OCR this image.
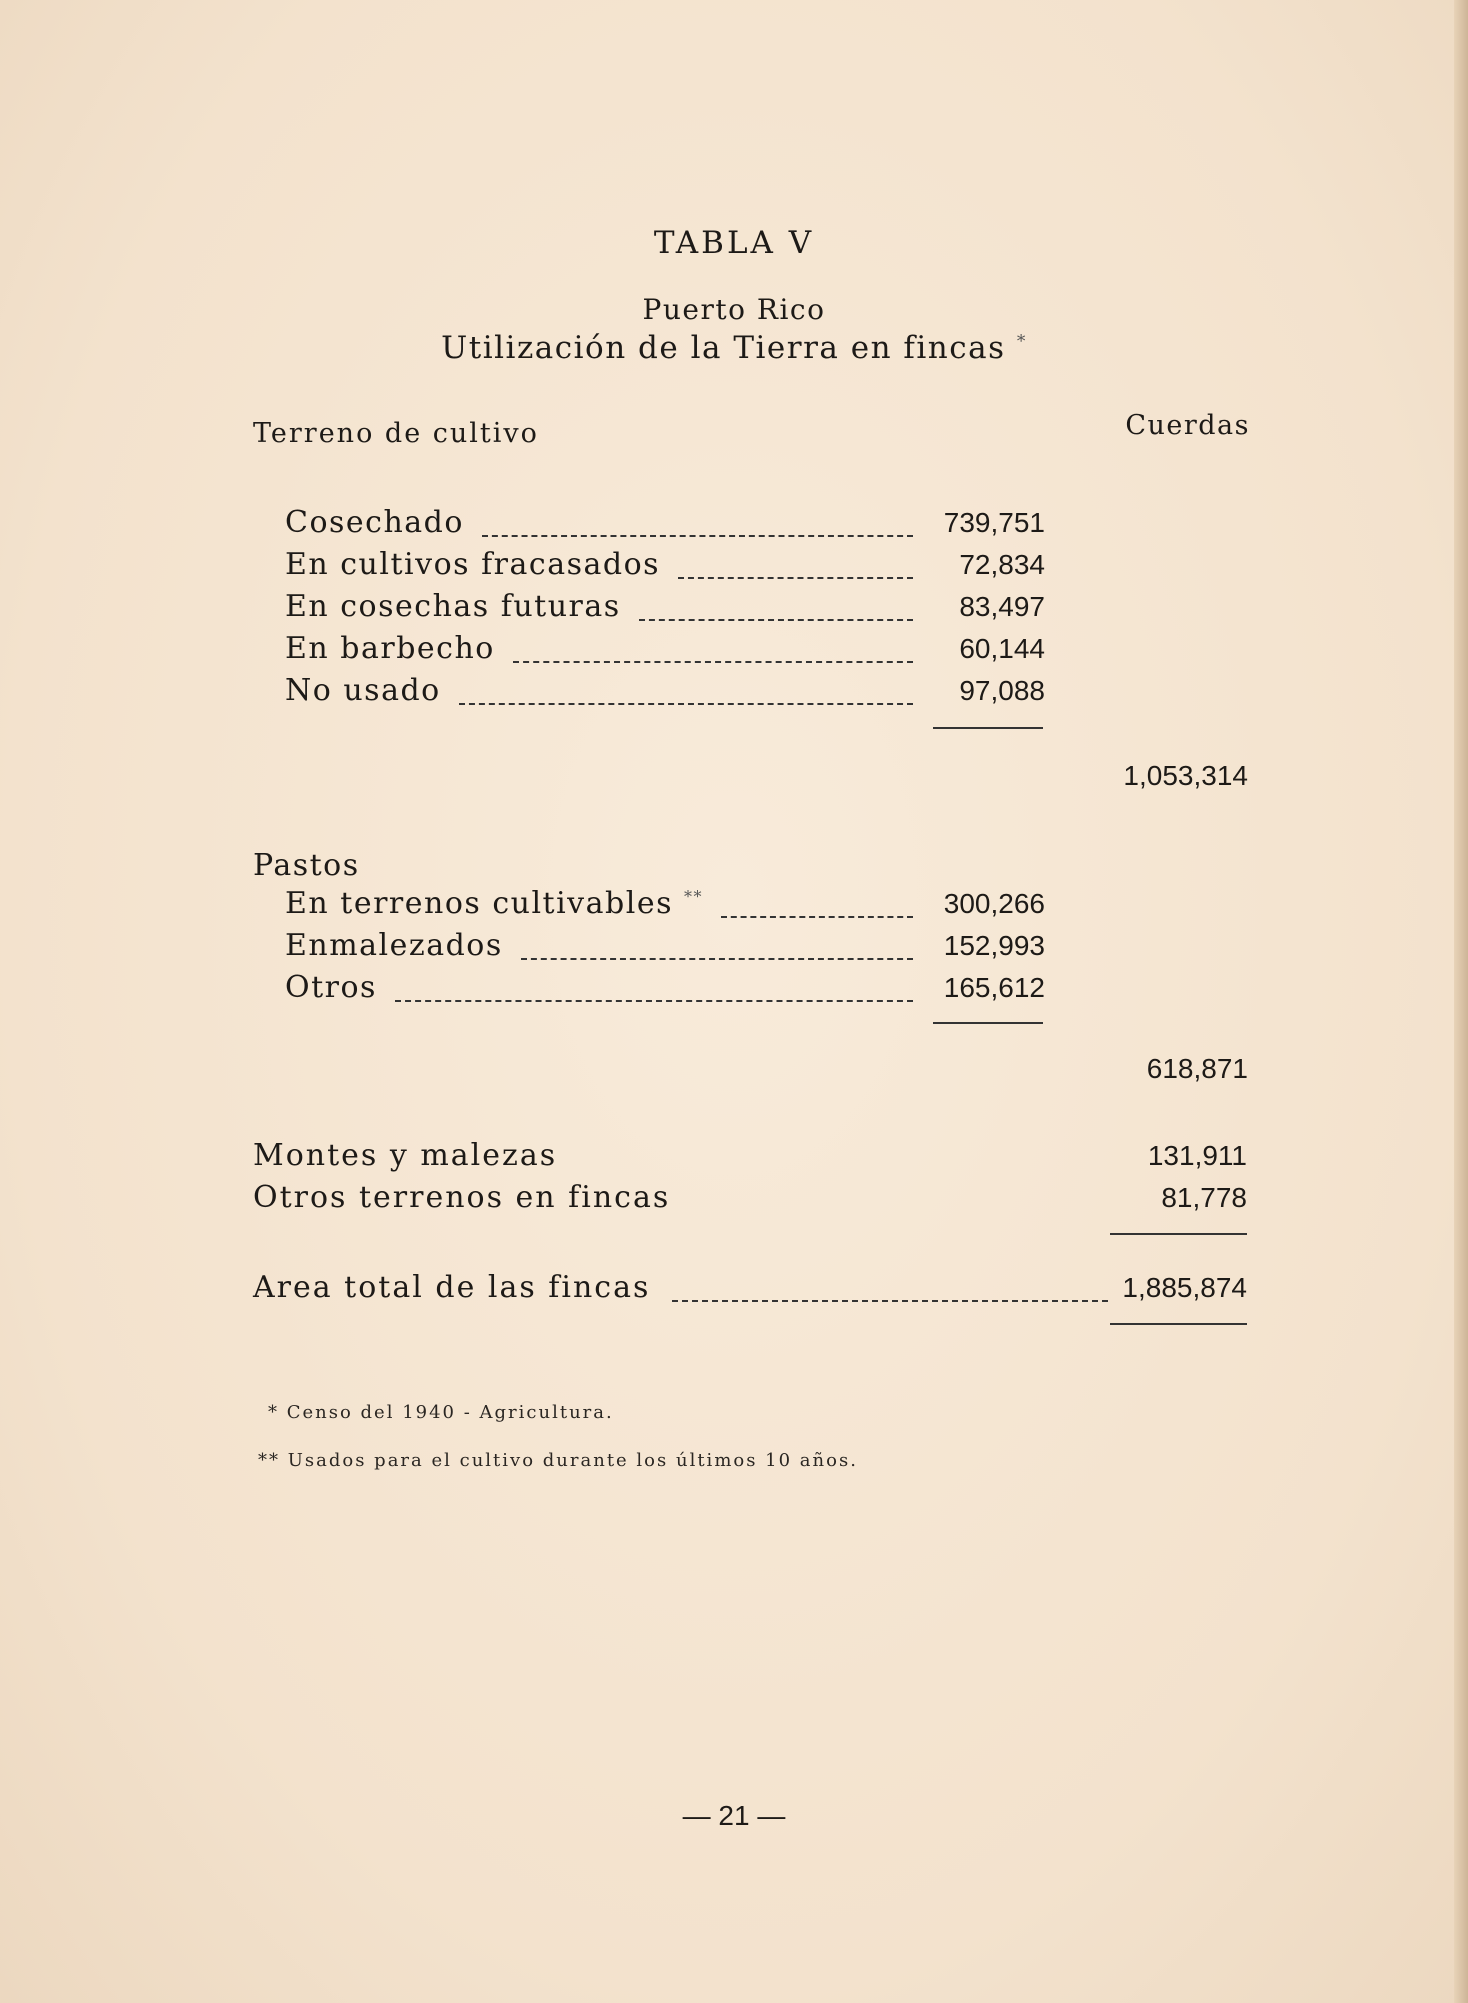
TABLA V
Puerto Rico
Utilización de la Tierra en fincas *
Terreno de cultivo	Cuerdas
Cosechado	739,751
En cultivos fracasados	72,834
En cosechas futuras	83,497
En barbecho	60,144
No usado	97,088
1,053,314
Pastos
En terrenos cultivables **	300,266
Enmalezados	152,993
Otros	165,612
618,871
Montes y malezas	131,911
Otros terrenos en fincas	81,778
Area total de las fincas	1,885,874
* Censo del 1940 - Agricultura.
** Usados para el cultivo durante los últimos 10 años.
— 21 —
